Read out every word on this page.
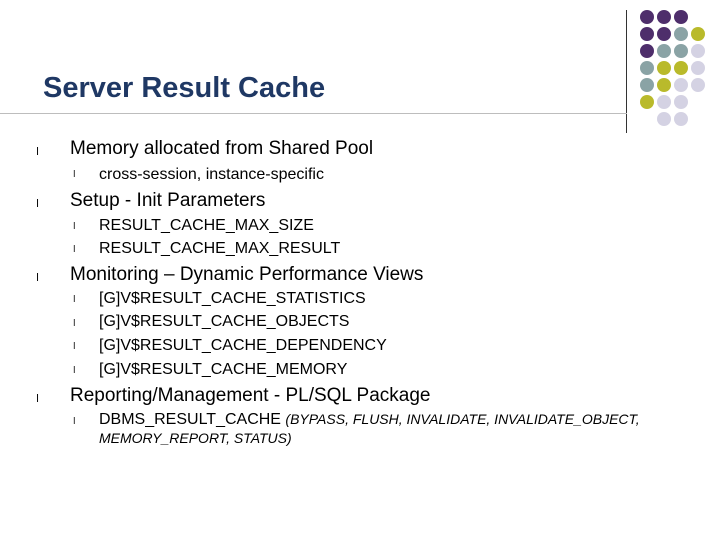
Server Result Cache
l Memory allocated from Shared Pool
l cross-session, instance-specific
l Setup - Init Parameters
l RESULT_CACHE_MAX_SIZE
l RESULT_CACHE_MAX_RESULT
l Monitoring – Dynamic Performance Views
l [G]V$RESULT_CACHE_STATISTICS
l [G]V$RESULT_CACHE_OBJECTS
l [G]V$RESULT_CACHE_DEPENDENCY
l [G]V$RESULT_CACHE_MEMORY
l Reporting/Management - PL/SQL Package
l DBMS_RESULT_CACHE (BYPASS, FLUSH, INVALIDATE, INVALIDATE_OBJECT,
MEMORY_REPORT, STATUS)
